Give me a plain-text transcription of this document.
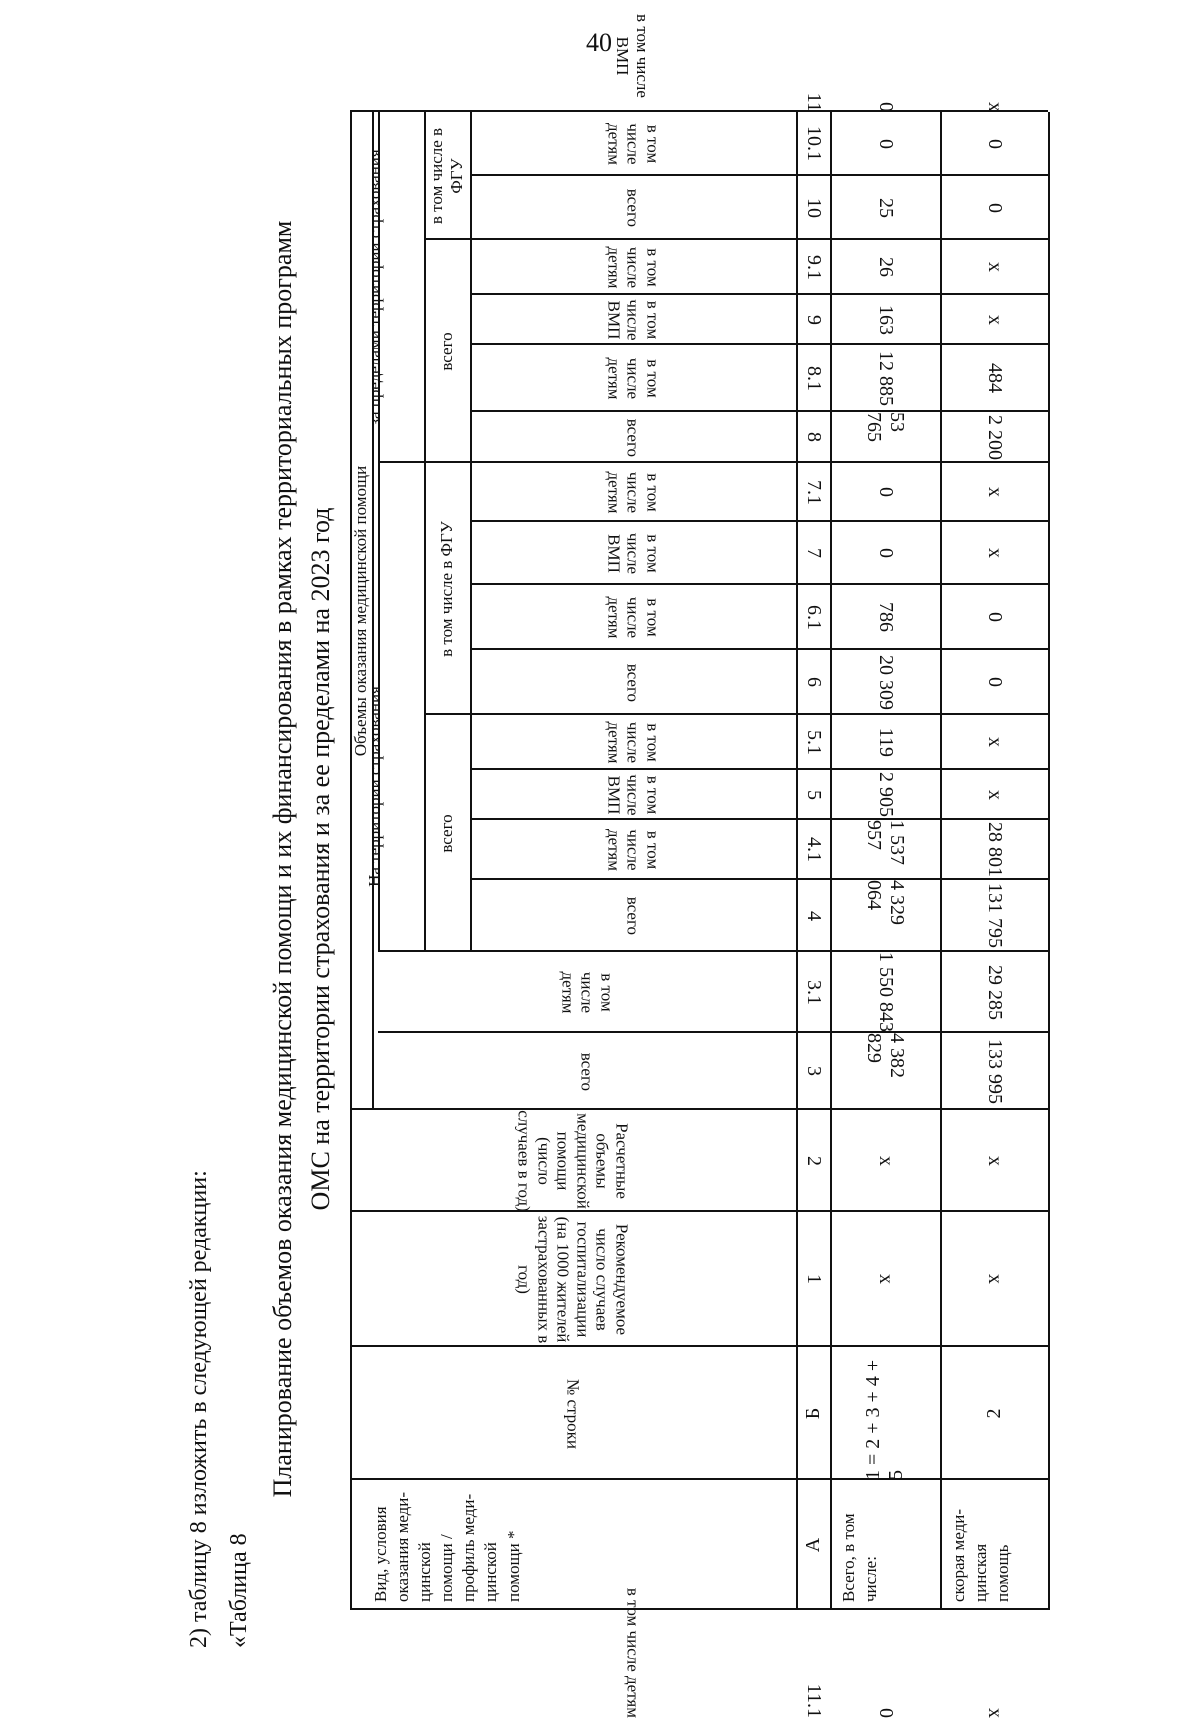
40
2) таблицу 8 изложить в следующей редакции: «Таблица 8
Планирование объемов оказания медицинской помощи и их финансирования в рамках территориальных программ ОМС на территории страхования и за ее пределами на 2023 год
Вид, условия оказания меди- цинской помощи /профиль меди- цинской помощи *
№ строки
Рекомендуемое число случаев госпитализации (на 1000 жителей застрахованных в год)
Расчетные объемы медицинской помощи (число случаев в год)
Объемы оказания медицинской помощи
На территории страхования
за пределами территории страхования
всего
в том числе детям
всего
в том числе в ФГУ
всего
в том числе в ФГУ
всего
в том числе детям
в том числе ВМП
в том числе детям
всего
в том числе детям
в том числе ВМП
в том числе детям
всего
в том числе детям
в том числе ВМП
в том числе детям
всего
в том числе детям
в том числе ВМП
в том числе детям
А
Б
1
2
3
3.1
4
4.1
5
5.1
6
6.1
7
7.1
8
8.1
9
9.1
10
10.1
11
11.1
Всего, в том числе:
1 = 2 + 3 + 4 + 5
x
x
4 382 829
1 550 843
4 329 064
1 537 957
2 905
119
20 309
786
0
0
53 765
12 885
163
26
25
0
0
0
скорая меди- цинская помощь
2
x
x
133 995
29 285
131 795
28 801
x
x
0
0
x
x
2 200
484
x
x
0
0
x
x
